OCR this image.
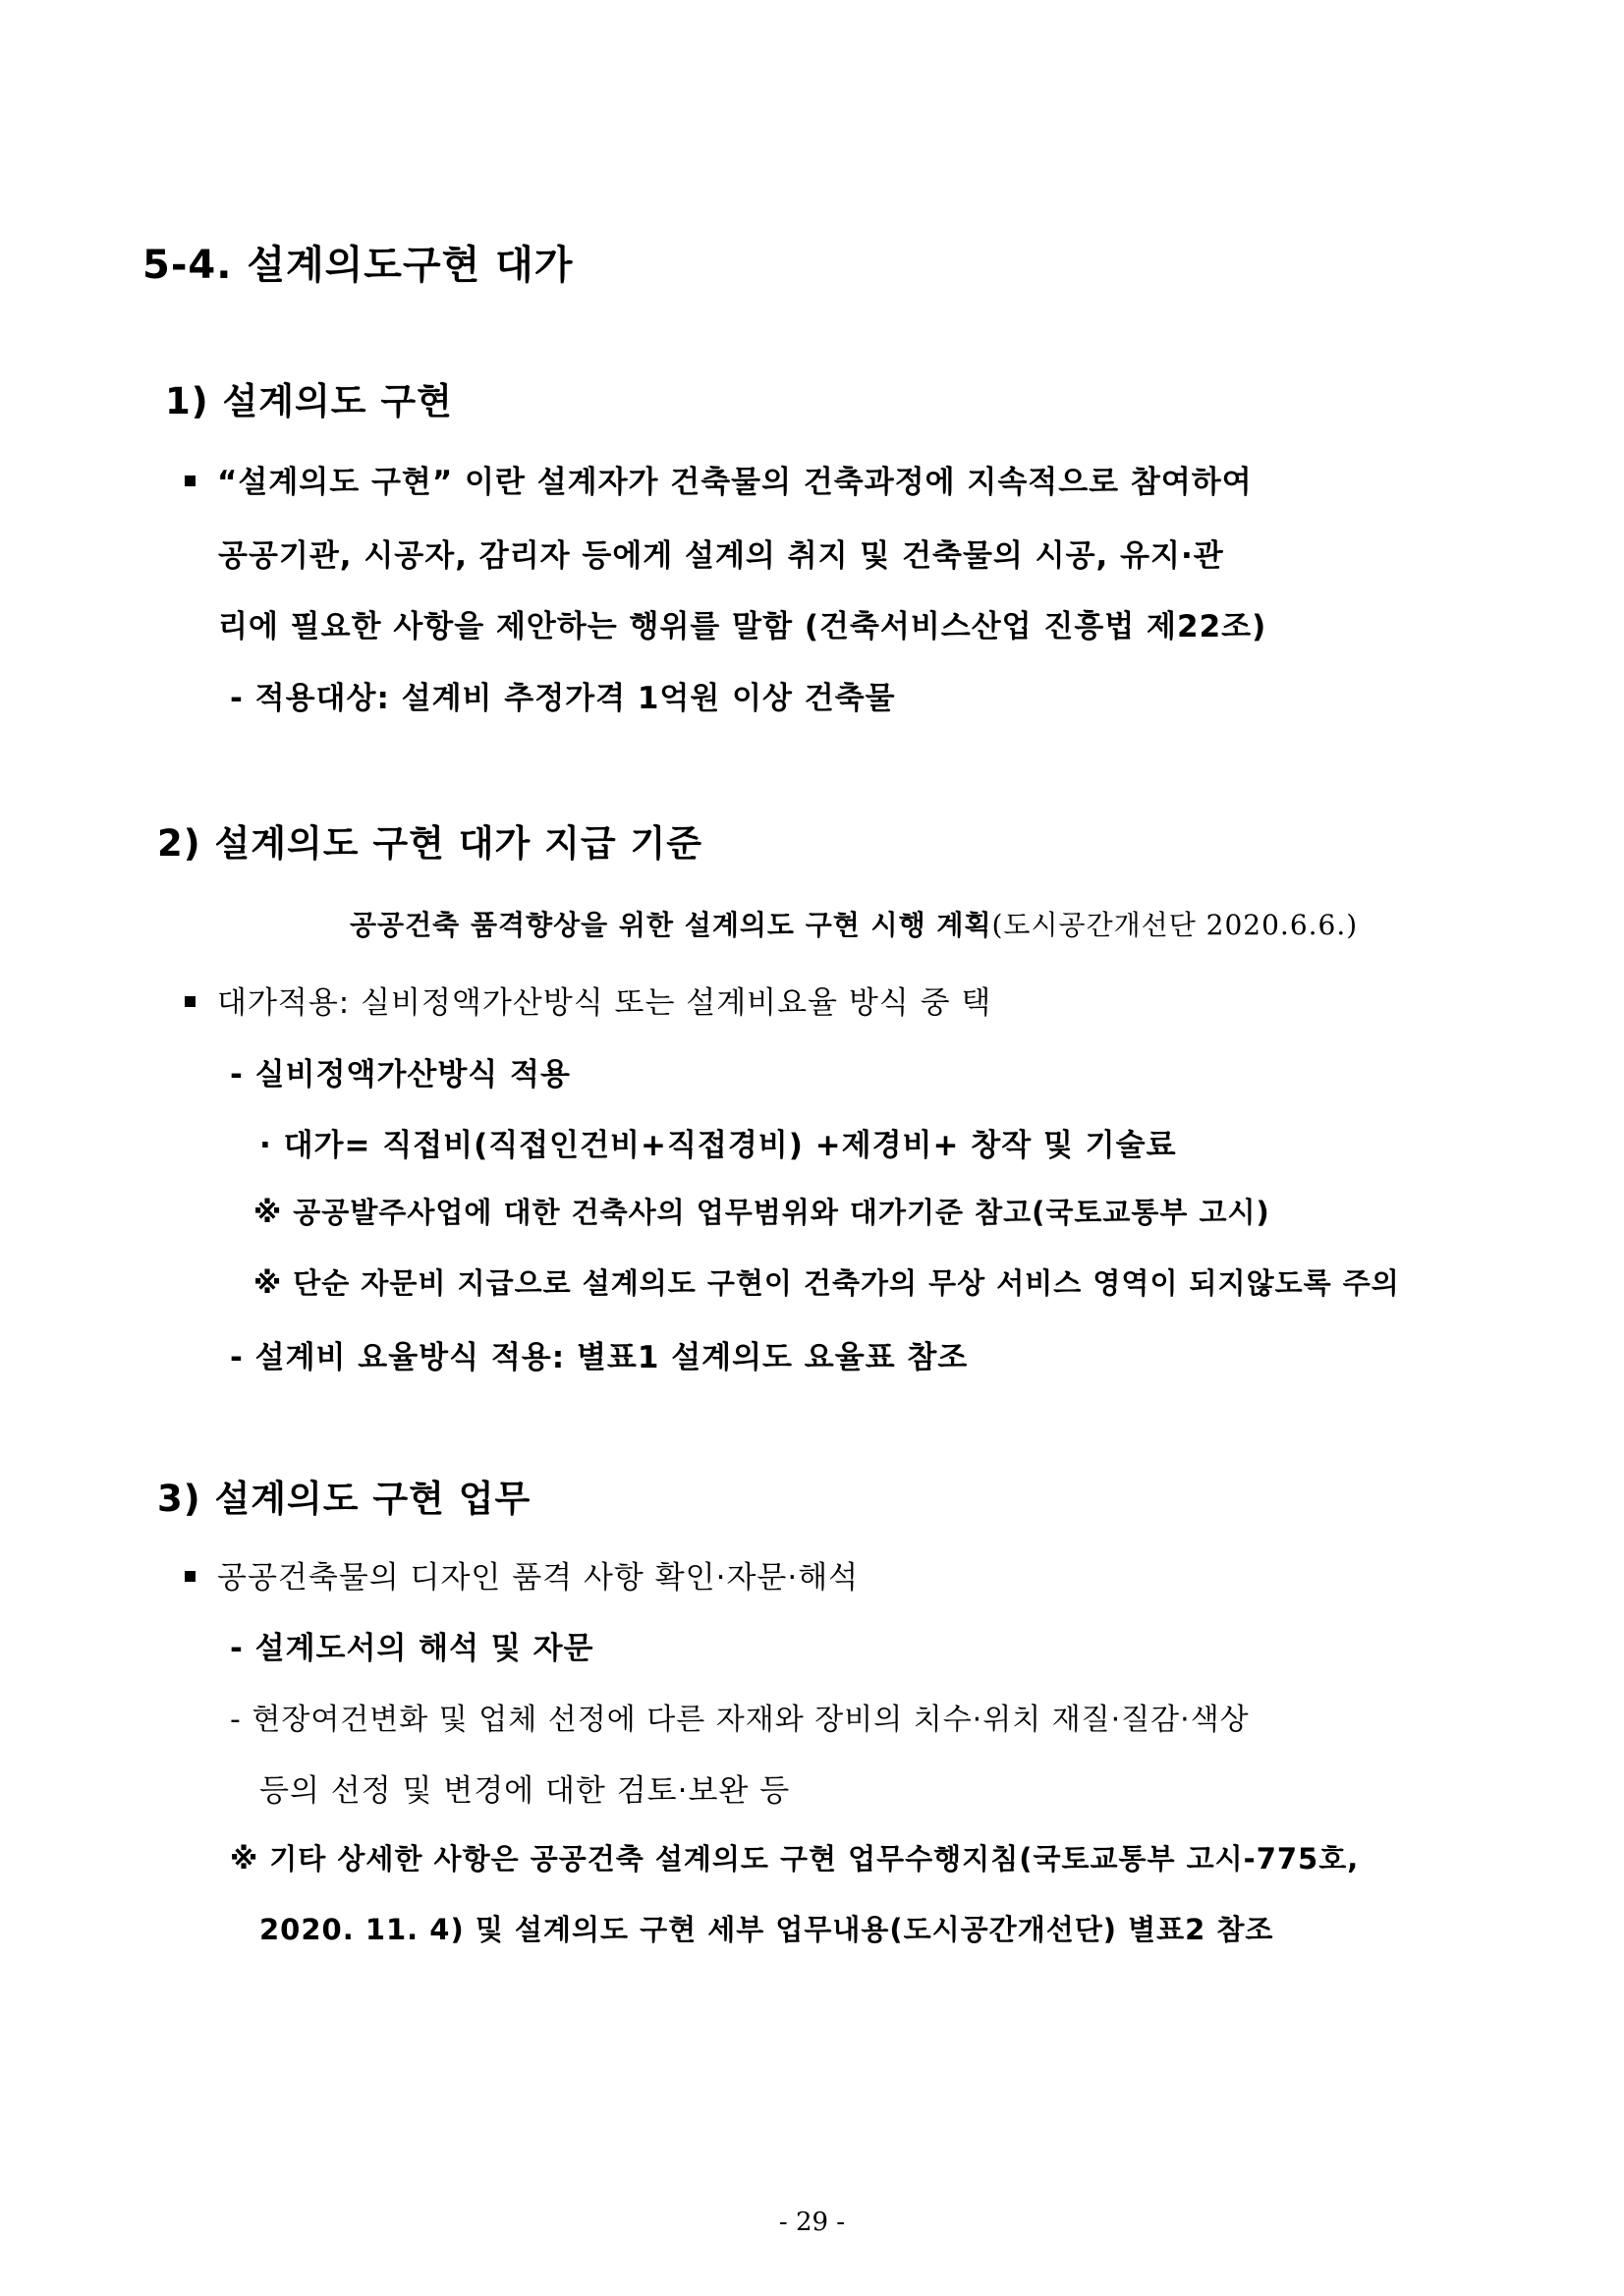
5-4. 설계의도구현 대가
1) 설계의도 구현
“설계의도 구현” 이란 설계자가 건축물의 건축과정에 지속적으로 참여하여
공공기관, 시공자, 감리자 등에게 설계의 취지 및 건축물의 시공, 유지·관
리에 필요한 사항을 제안하는 행위를 말함 (건축서비스산업 진흥법 제22조)
- 적용대상: 설계비 추정가격 1억원 이상 건축물
2) 설계의도 구현 대가 지급 기준
공공건축 품격향상을 위한 설계의도 구현 시행 계획(도시공간개선단 2020.6.6.)
대가적용: 실비정액가산방식 또는 설계비요율 방식 중 택
- 실비정액가산방식 적용
· 대가= 직접비(직접인건비+직접경비) +제경비+ 창작 및 기술료
※ 공공발주사업에 대한 건축사의 업무범위와 대가기준 참고(국토교통부 고시)
※ 단순 자문비 지급으로 설계의도 구현이 건축가의 무상 서비스 영역이 되지않도록 주의
- 설계비 요율방식 적용: 별표1 설계의도 요율표 참조
3) 설계의도 구현 업무
공공건축물의 디자인 품격 사항 확인·자문·해석
- 설계도서의 해석 및 자문
- 현장여건변화 및 업체 선정에 다른 자재와 장비의 치수·위치 재질·질감·색상
등의 선정 및 변경에 대한 검토·보완 등
※ 기타 상세한 사항은 공공건축 설계의도 구현 업무수행지침(국토교통부 고시-775호,
2020. 11. 4) 및 설계의도 구현 세부 업무내용(도시공간개선단) 별표2 참조
- 29 -
